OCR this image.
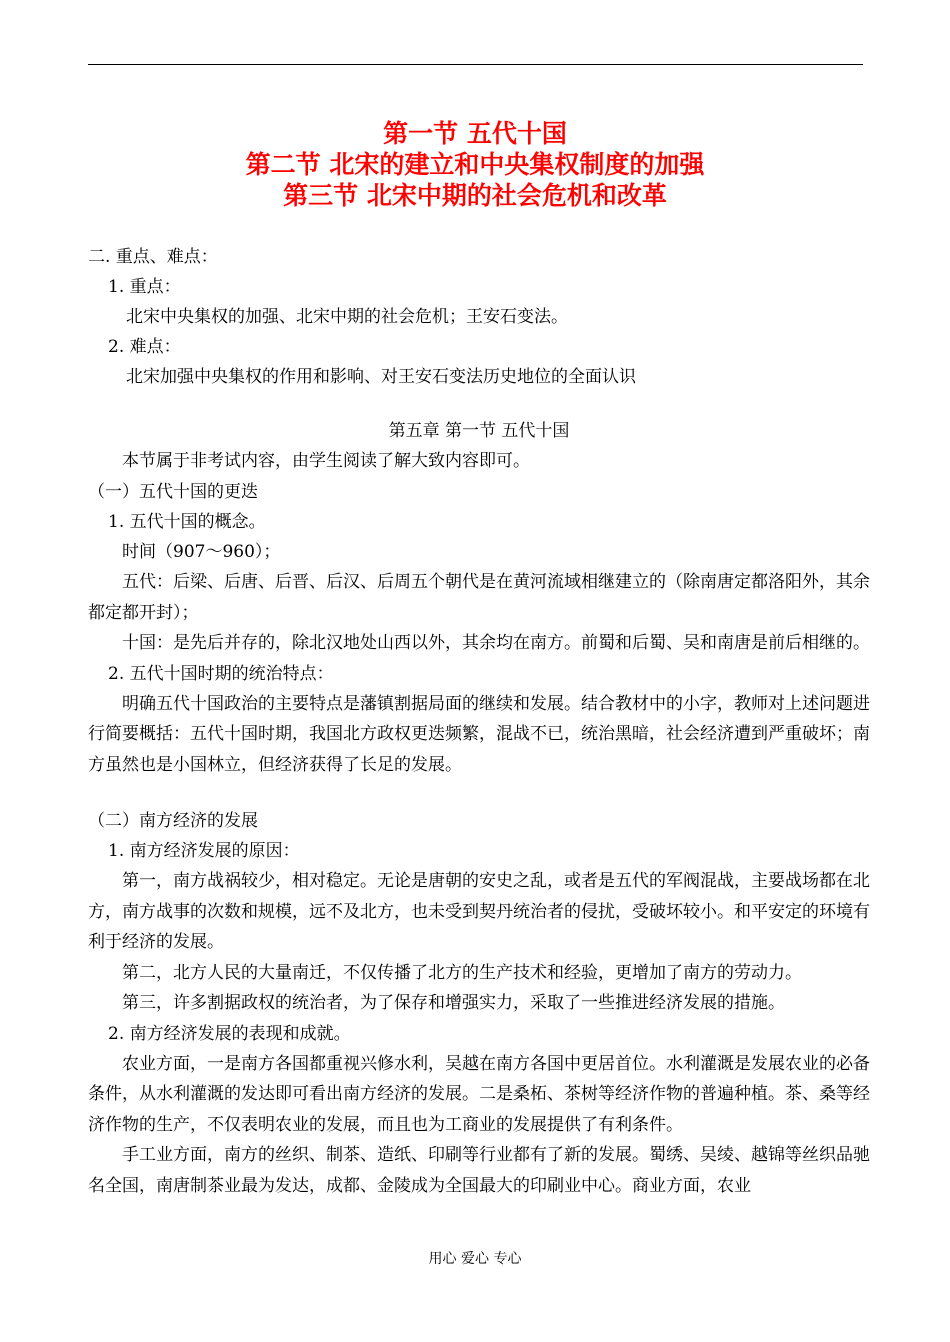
第一节 五代十国
第二节 北宋的建立和中央集权制度的加强
第三节 北宋中期的社会危机和改革
二. 重点、难点：
1. 重点：
北宋中央集权的加强、北宋中期的社会危机；王安石变法。
2. 难点：
北宋加强中央集权的作用和影响、对王安石变法历史地位的全面认识
第五章 第一节 五代十国
本节属于非考试内容，由学生阅读了解大致内容即可。
（一）五代十国的更迭
1. 五代十国的概念。
时间（907～960）；
五代：后梁、后唐、后晋、后汉、后周五个朝代是在黄河流域相继建立的（除南唐定都洛阳外，其余都定都开封）；
十国：是先后并存的，除北汉地处山西以外，其余均在南方。前蜀和后蜀、吴和南唐是前后相继的。
2. 五代十国时期的统治特点：
明确五代十国政治的主要特点是藩镇割据局面的继续和发展。结合教材中的小字，教师对上述问题进行简要概括：五代十国时期，我国北方政权更迭频繁，混战不已，统治黑暗，社会经济遭到严重破坏；南方虽然也是小国林立，但经济获得了长足的发展。
（二）南方经济的发展
1. 南方经济发展的原因：
第一，南方战祸较少，相对稳定。无论是唐朝的安史之乱，或者是五代的军阀混战，主要战场都在北方，南方战事的次数和规模，远不及北方，也未受到契丹统治者的侵扰，受破坏较小。和平安定的环境有利于经济的发展。
第二，北方人民的大量南迁，不仅传播了北方的生产技术和经验，更增加了南方的劳动力。
第三，许多割据政权的统治者，为了保存和增强实力，采取了一些推进经济发展的措施。
2. 南方经济发展的表现和成就。
农业方面，一是南方各国都重视兴修水利，吴越在南方各国中更居首位。水利灌溉是发展农业的必备条件，从水利灌溉的发达即可看出南方经济的发展。二是桑柘、茶树等经济作物的普遍种植。茶、桑等经济作物的生产，不仅表明农业的发展，而且也为工商业的发展提供了有利条件。
手工业方面，南方的丝织、制茶、造纸、印刷等行业都有了新的发展。蜀绣、吴绫、越锦等丝织品驰名全国，南唐制茶业最为发达，成都、金陵成为全国最大的印刷业中心。商业方面，农业
用心 爱心 专心
